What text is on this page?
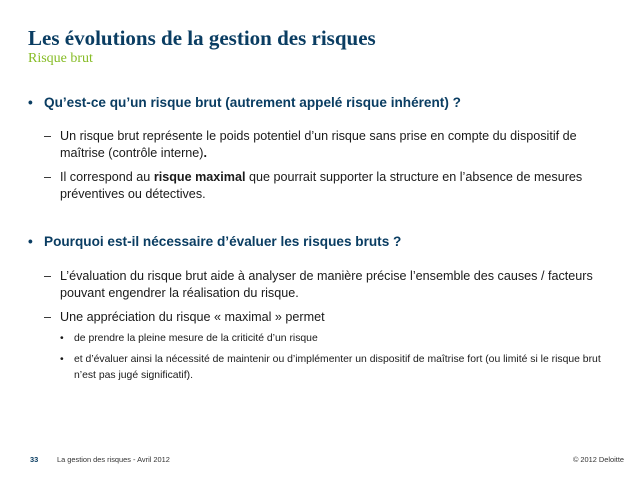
Les évolutions de la gestion des risques
Risque brut
• Qu’est-ce qu’un risque brut (autrement appelé risque inhérent) ?
– Un risque brut représente le poids potentiel d’un risque sans prise en compte du dispositif de maîtrise (contrôle interne).
– Il correspond au risque maximal que pourrait supporter la structure en l’absence de mesures préventives ou détectives.
• Pourquoi est-il nécessaire d’évaluer les risques bruts ?
– L’évaluation du risque brut aide à analyser de manière précise l’ensemble des causes / facteurs pouvant engendrer la réalisation du risque.
– Une appréciation du risque « maximal » permet
• de prendre la pleine mesure de la criticité d’un risque
• et d’évaluer ainsi la nécessité de maintenir ou d’implémenter un dispositif de maîtrise fort (ou limité si le risque brut n’est pas jugé significatif).
33	La gestion des risques - Avril 2012	© 2012 Deloitte
